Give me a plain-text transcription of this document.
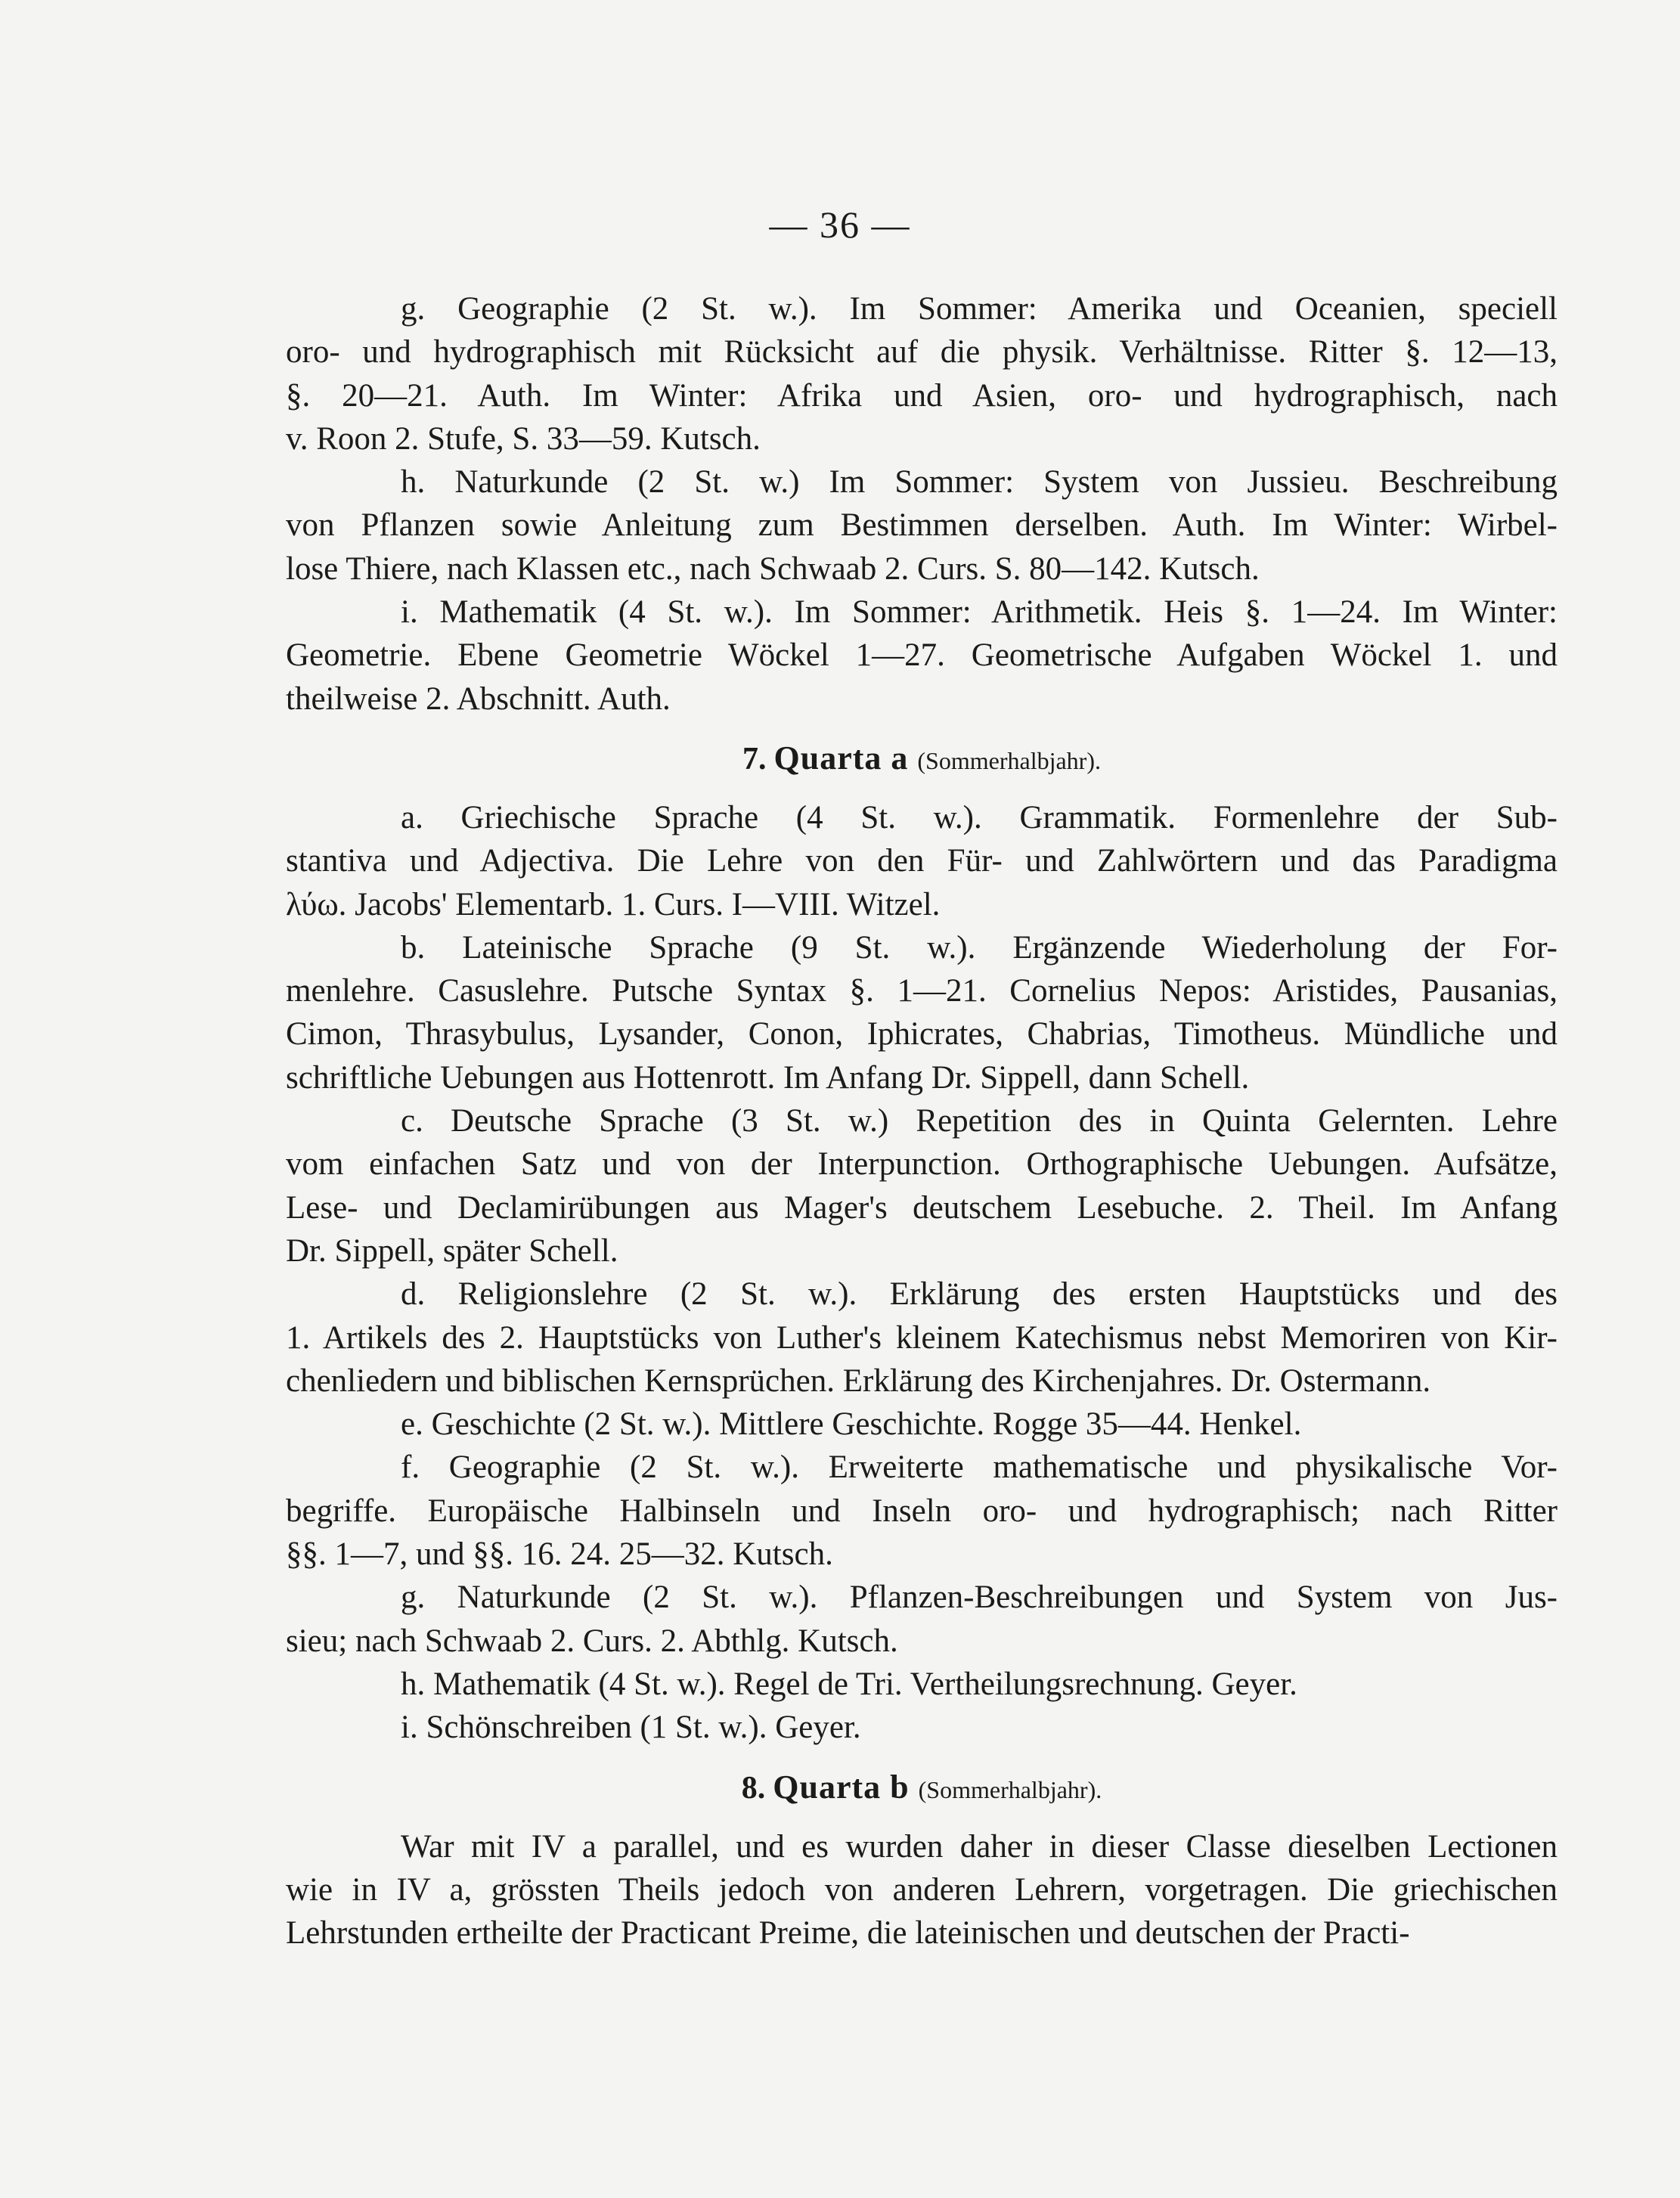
— 36 —
g. Geographie (2 St. w.). Im Sommer: Amerika und Oceanien, speciell
oro- und hydrographisch mit Rücksicht auf die physik. Verhältnisse. Ritter §. 12—13,
§. 20—21. Auth. Im Winter: Afrika und Asien, oro- und hydrographisch, nach
v. Roon 2. Stufe, S. 33—59. Kutsch.
h. Naturkunde (2 St. w.) Im Sommer: System von Jussieu. Beschreibung
von Pflanzen sowie Anleitung zum Bestimmen derselben. Auth. Im Winter: Wirbel-
lose Thiere, nach Klassen etc., nach Schwaab 2. Curs. S. 80—142. Kutsch.
i. Mathematik (4 St. w.). Im Sommer: Arithmetik. Heis §. 1—24. Im Winter:
Geometrie. Ebene Geometrie Wöckel 1—27. Geometrische Aufgaben Wöckel 1. und
theilweise 2. Abschnitt. Auth.
7. Quarta a (Sommerhalbjahr).
a. Griechische Sprache (4 St. w.). Grammatik. Formenlehre der Sub-
stantiva und Adjectiva. Die Lehre von den Für- und Zahlwörtern und das Paradigma
λύω. Jacobs' Elementarb. 1. Curs. I—VIII. Witzel.
b. Lateinische Sprache (9 St. w.). Ergänzende Wiederholung der For-
menlehre. Casuslehre. Putsche Syntax §. 1—21. Cornelius Nepos: Aristides, Pausanias,
Cimon, Thrasybulus, Lysander, Conon, Iphicrates, Chabrias, Timotheus. Mündliche und
schriftliche Uebungen aus Hottenrott. Im Anfang Dr. Sippell, dann Schell.
c. Deutsche Sprache (3 St. w.) Repetition des in Quinta Gelernten. Lehre
vom einfachen Satz und von der Interpunction. Orthographische Uebungen. Aufsätze,
Lese- und Declamirübungen aus Mager's deutschem Lesebuche. 2. Theil. Im Anfang
Dr. Sippell, später Schell.
d. Religionslehre (2 St. w.). Erklärung des ersten Hauptstücks und des
1. Artikels des 2. Hauptstücks von Luther's kleinem Katechismus nebst Memoriren von Kir-
chenliedern und biblischen Kernsprüchen. Erklärung des Kirchenjahres. Dr. Ostermann.
e. Geschichte (2 St. w.). Mittlere Geschichte. Rogge 35—44. Henkel.
f. Geographie (2 St. w.). Erweiterte mathematische und physikalische Vor-
begriffe. Europäische Halbinseln und Inseln oro- und hydrographisch; nach Ritter
§§. 1—7, und §§. 16. 24. 25—32. Kutsch.
g. Naturkunde (2 St. w.). Pflanzen-Beschreibungen und System von Jus-
sieu; nach Schwaab 2. Curs. 2. Abthlg. Kutsch.
h. Mathematik (4 St. w.). Regel de Tri. Vertheilungsrechnung. Geyer.
i. Schönschreiben (1 St. w.). Geyer.
8. Quarta b (Sommerhalbjahr).
War mit IV a parallel, und es wurden daher in dieser Classe dieselben Lectionen
wie in IV a, grössten Theils jedoch von anderen Lehrern, vorgetragen. Die griechischen
Lehrstunden ertheilte der Practicant Preime, die lateinischen und deutschen der Practi-
